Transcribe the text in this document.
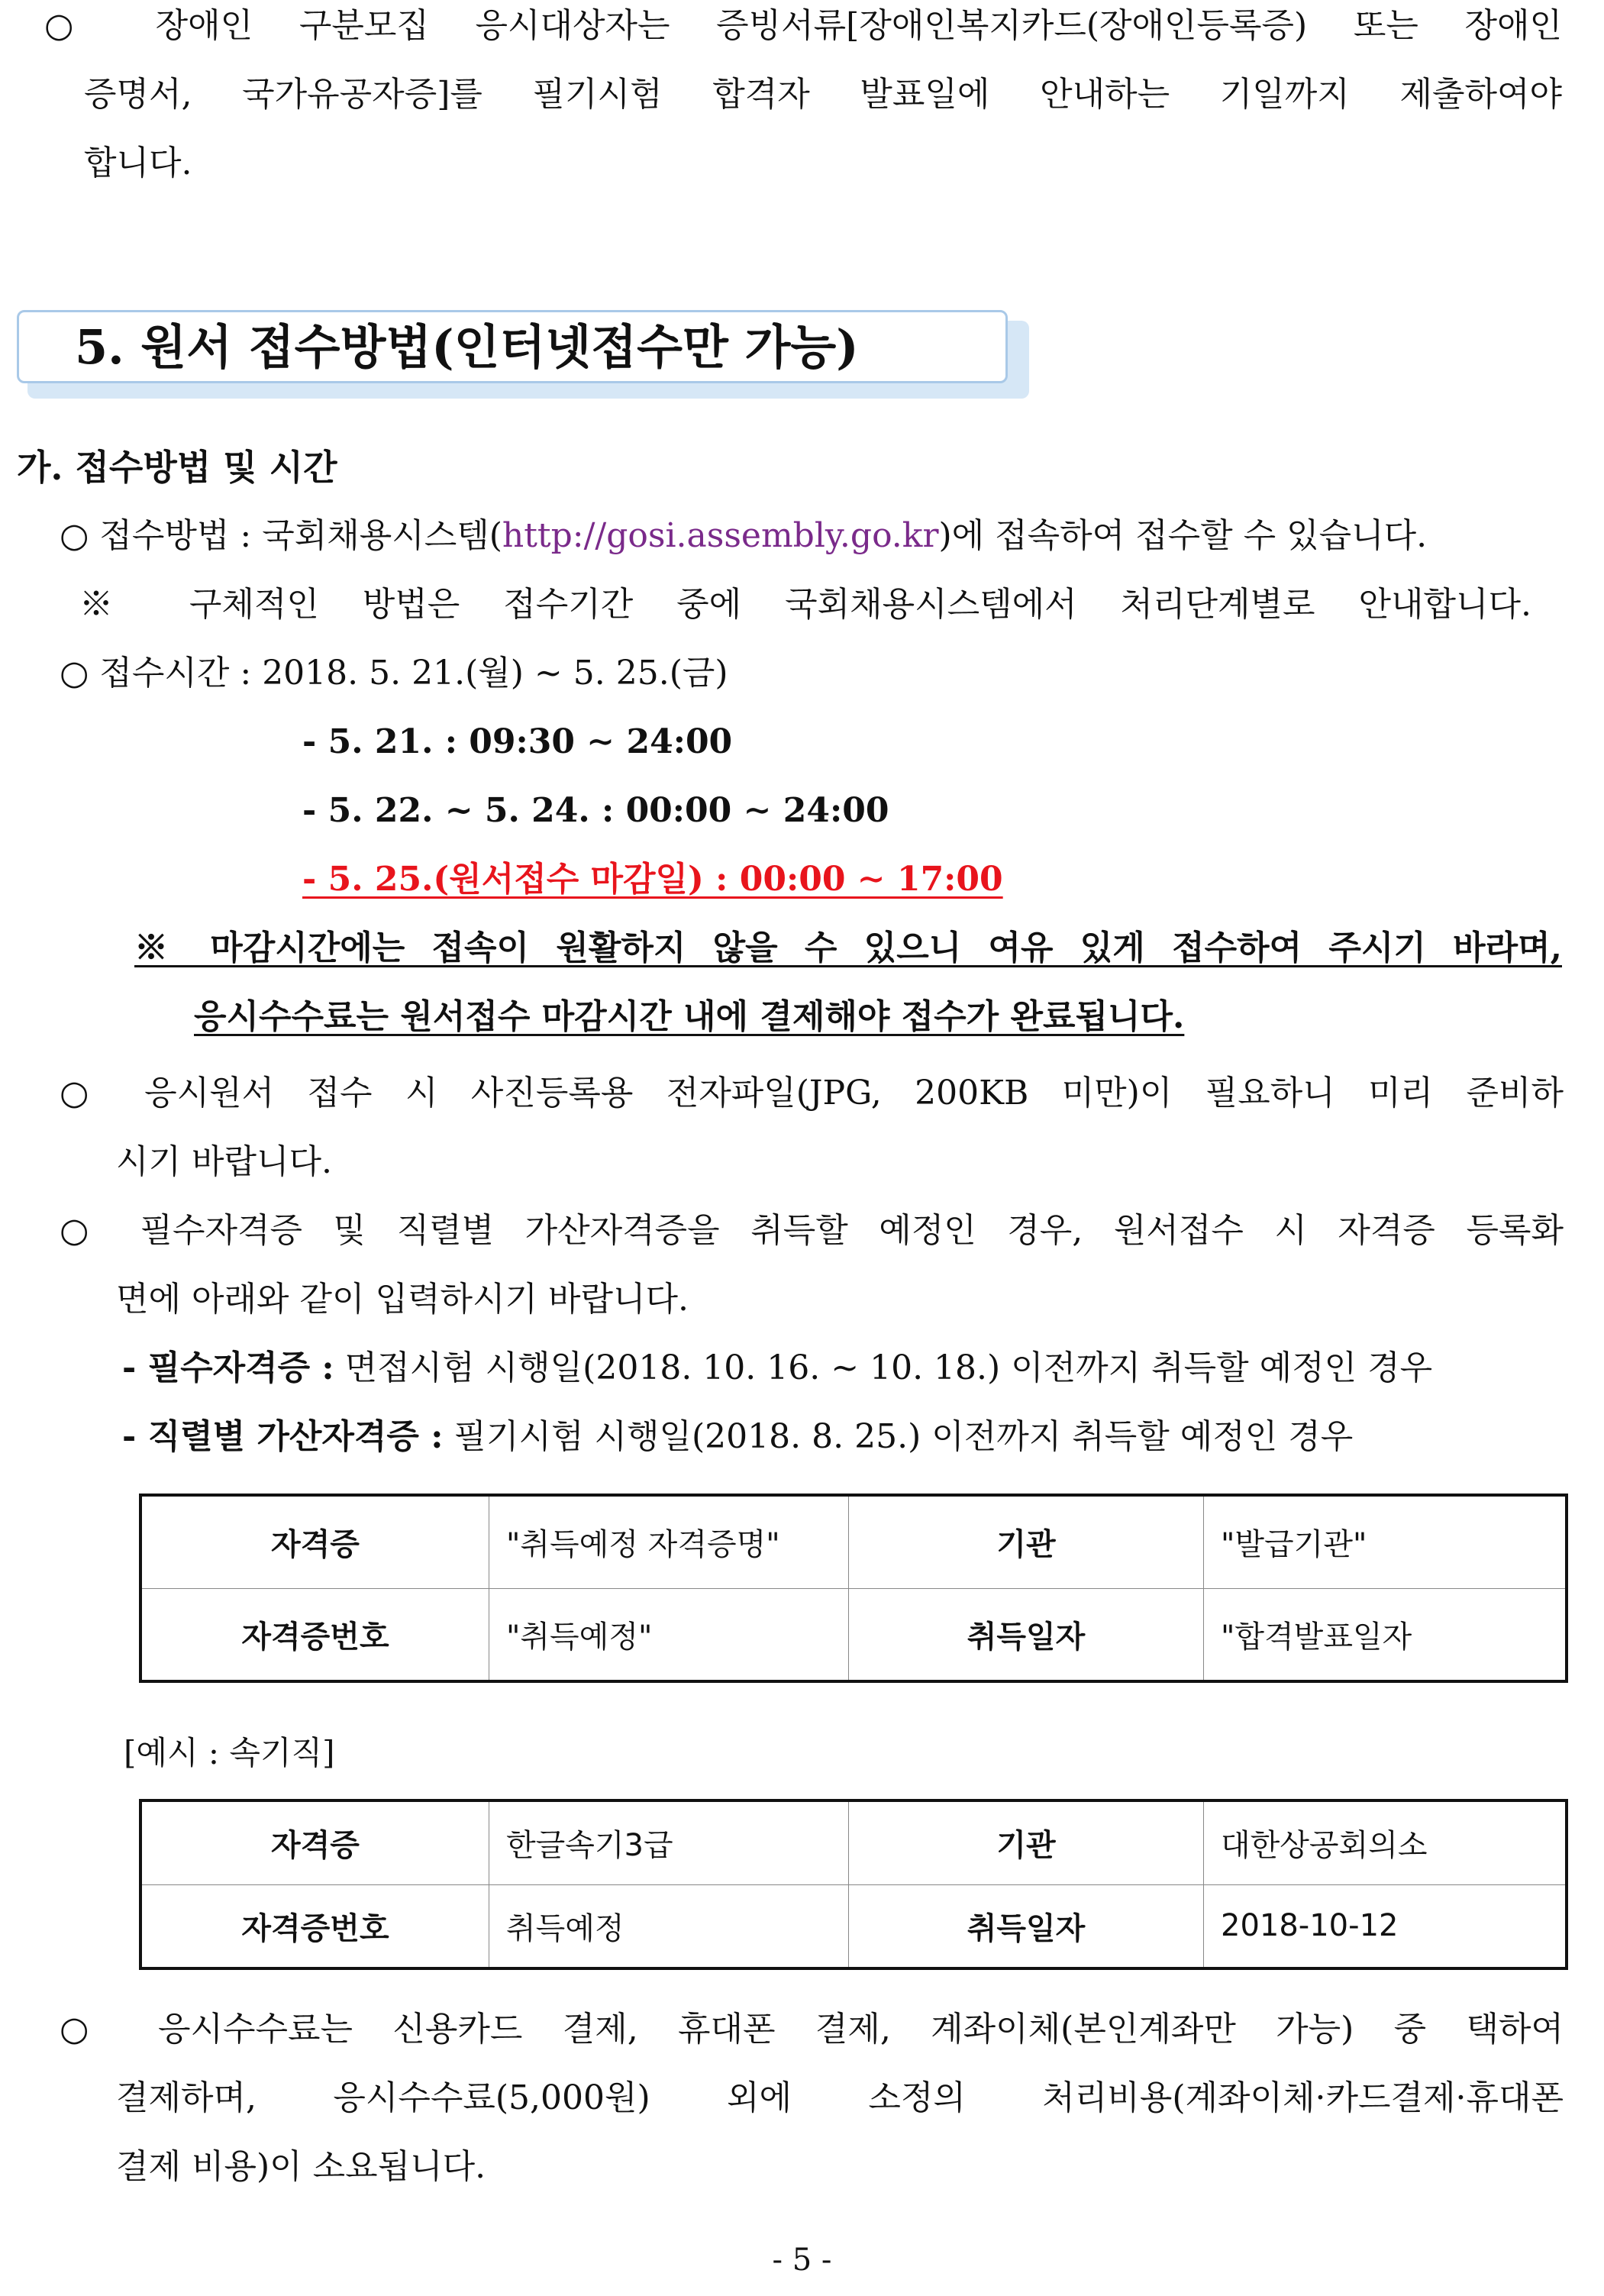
○ 장애인 구분모집 응시대상자는 증빙서류[장애인복지카드(장애인등록증) 또는 장애인
증명서, 국가유공자증]를 필기시험 합격자 발표일에 안내하는 기일까지 제출하여야
합니다.
5. 원서 접수방법(인터넷접수만 가능)
가. 접수방법 및 시간
○ 접수방법 : 국회채용시스템(http://gosi.assembly.go.kr)에 접속하여 접수할 수 있습니다.
※ 구체적인 방법은 접수기간 중에 국회채용시스템에서 처리단계별로 안내합니다.
○ 접수시간 : 2018. 5. 21.(월) ∼ 5. 25.(금)
- 5. 21. : 09:30 ∼ 24:00
- 5. 22. ~ 5. 24. : 00:00 ∼ 24:00
- 5. 25.(원서접수 마감일) : 00:00 ∼ 17:00
※ 마감시간에는 접속이 원활하지 않을 수 있으니 여유 있게 접수하여 주시기 바라며,
응시수수료는 원서접수 마감시간 내에 결제해야 접수가 완료됩니다.
○ 응시원서 접수 시 사진등록용 전자파일(JPG, 200KB 미만)이 필요하니 미리 준비하
시기 바랍니다.
○ 필수자격증 및 직렬별 가산자격증을 취득할 예정인 경우, 원서접수 시 자격증 등록화
면에 아래와 같이 입력하시기 바랍니다.
- 필수자격증 : 면접시험 시행일(2018. 10. 16. ~ 10. 18.) 이전까지 취득할 예정인 경우
- 직렬별 가산자격증 : 필기시험 시행일(2018. 8. 25.) 이전까지 취득할 예정인 경우
자격증	"취득예정 자격증명"	기관	"발급기관"
자격증번호	"취득예정"	취득일자	"합격발표일자
[예시 : 속기직]
자격증	한글속기3급	기관	대한상공회의소
자격증번호	취득예정	취득일자	2018-10-12
○ 응시수수료는 신용카드 결제, 휴대폰 결제, 계좌이체(본인계좌만 가능) 중 택하여
결제하며, 응시수수료(5,000원) 외에 소정의 처리비용(계좌이체·카드결제·휴대폰
결제 비용)이 소요됩니다.
- 5 -
